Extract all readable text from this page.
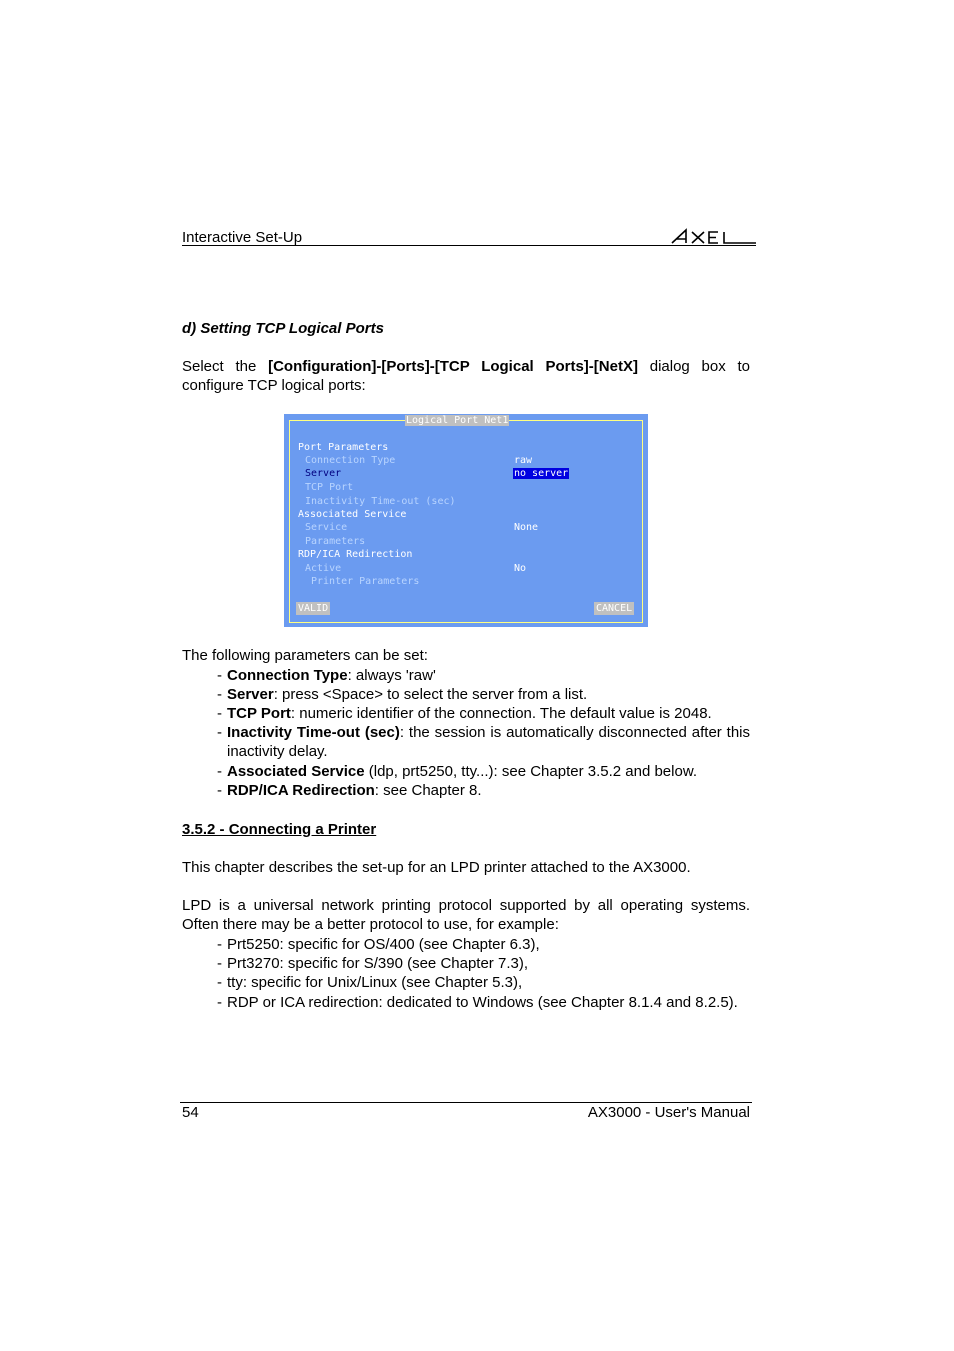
Interactive Set-Up
d) Setting TCP Logical Ports
Select the [Configuration]-[Ports]-[TCP Logical Ports]-[NetX] dialog box to configure TCP logical ports:
Logical Port Net1
Port Parameters
Connection Type	raw
Server	no server
TCP Port
Inactivity Time-out (sec)
Associated Service
Service	None
Parameters
RDP/ICA Redirection
Active	No
Printer Parameters
VALID	CANCEL
The following parameters can be set:
- Connection Type: always 'raw'
- Server: press <Space> to select the server from a list.
- TCP Port: numeric identifier of the connection. The default value is 2048.
- Inactivity Time-out (sec): the session is automatically disconnected after this inactivity delay.
- Associated Service (ldp, prt5250, tty...): see Chapter 3.5.2 and below.
- RDP/ICA Redirection: see Chapter 8.
3.5.2 - Connecting a Printer
This chapter describes the set-up for an LPD printer attached to the AX3000.
LPD is a universal network printing protocol supported by all operating systems. Often there may be a better protocol to use, for example:
- Prt5250: specific for OS/400 (see Chapter 6.3),
- Prt3270: specific for S/390 (see Chapter 7.3),
- tty: specific for Unix/Linux (see Chapter 5.3),
- RDP or ICA redirection: dedicated to Windows (see Chapter 8.1.4 and 8.2.5).
54	AX3000 - User's Manual
